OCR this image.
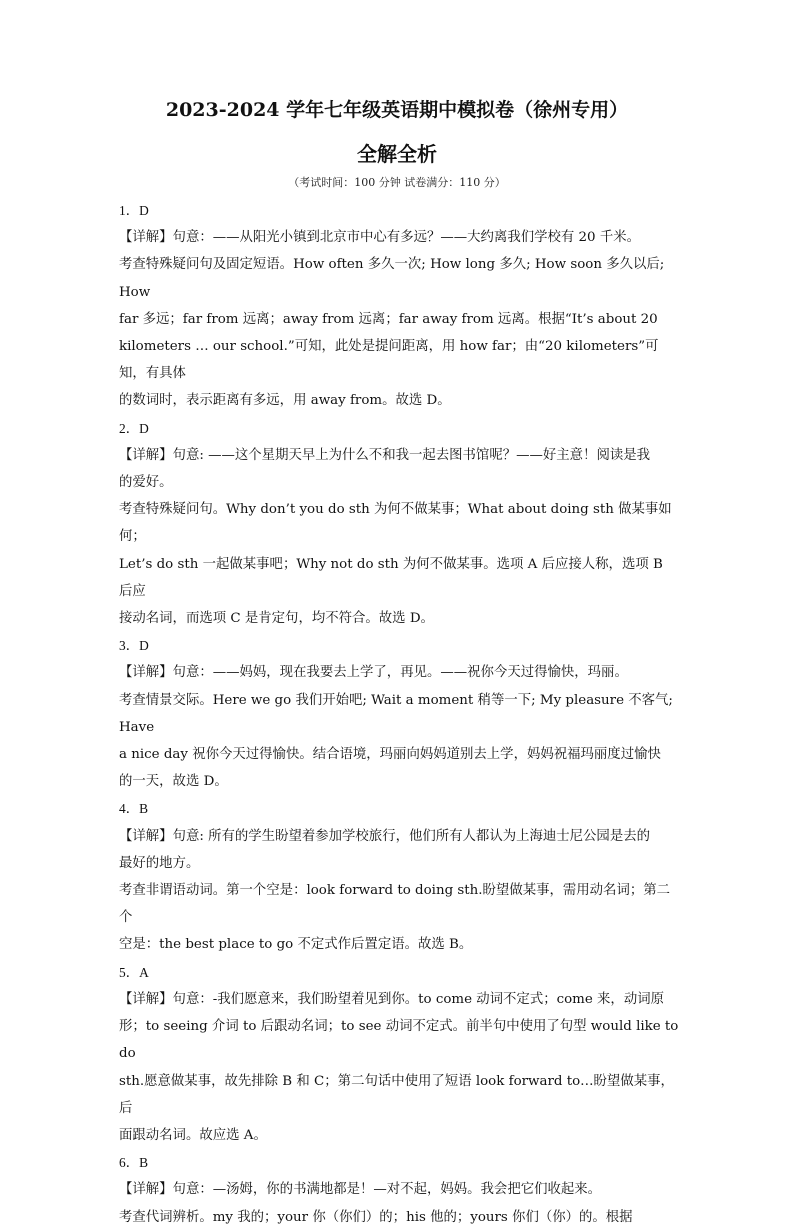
2023-2024 学年七年级英语期中模拟卷（徐州专用）
全解全析
（考试时间：100 分钟 试卷满分：110 分）

1．D

【详解】句意：——从阳光小镇到北京市中心有多远？——大约离我们学校有 20 千米。

考查特殊疑问句及固定短语。How often 多久一次; How long 多久; How soon 多久以后; How

far 多远；far from 远离；away from 远离；far away from 远离。根据“It’s about 20

kilometers … our school.”可知，此处是提问距离，用 how far；由“20 kilometers”可知，有具体

的数词时，表示距离有多远，用 away from。故选 D。

2．D

【详解】句意: ——这个星期天早上为什么不和我一起去图书馆呢？——好主意！阅读是我

的爱好。

考查特殊疑问句。Why don’t you do sth 为何不做某事；What about doing sth 做某事如何；

Let’s do sth 一起做某事吧；Why not do sth 为何不做某事。选项 A 后应接人称，选项 B 后应

接动名词，而选项 C 是肯定句，均不符合。故选 D。

3．D

【详解】句意：——妈妈，现在我要去上学了，再见。——祝你今天过得愉快，玛丽。

考查情景交际。Here we go 我们开始吧; Wait a moment 稍等一下; My pleasure 不客气; Have

a nice day 祝你今天过得愉快。结合语境，玛丽向妈妈道别去上学，妈妈祝福玛丽度过愉快

的一天，故选 D。

4．B

【详解】句意: 所有的学生盼望着参加学校旅行，他们所有人都认为上海迪士尼公园是去的

最好的地方。

考查非谓语动词。第一个空是：look forward to doing sth.盼望做某事，需用动名词；第二个

空是：the best place to go 不定式作后置定语。故选 B。

5．A

【详解】句意：-我们愿意来，我们盼望着见到你。to come 动词不定式；come 来，动词原

形；to seeing 介词 to 后跟动名词；to see 动词不定式。前半句中使用了句型 would like to do

sth.愿意做某事，故先排除 B 和 C；第二句话中使用了短语 look forward to…盼望做某事，后

面跟动名词。故应选 A。

6．B

【详解】句意：—汤姆，你的书满地都是！—对不起，妈妈。我会把它们收起来。

考查代词辨析。my 我的；your 你（你们）的；his 他的；yours 你们（你）的。根据
